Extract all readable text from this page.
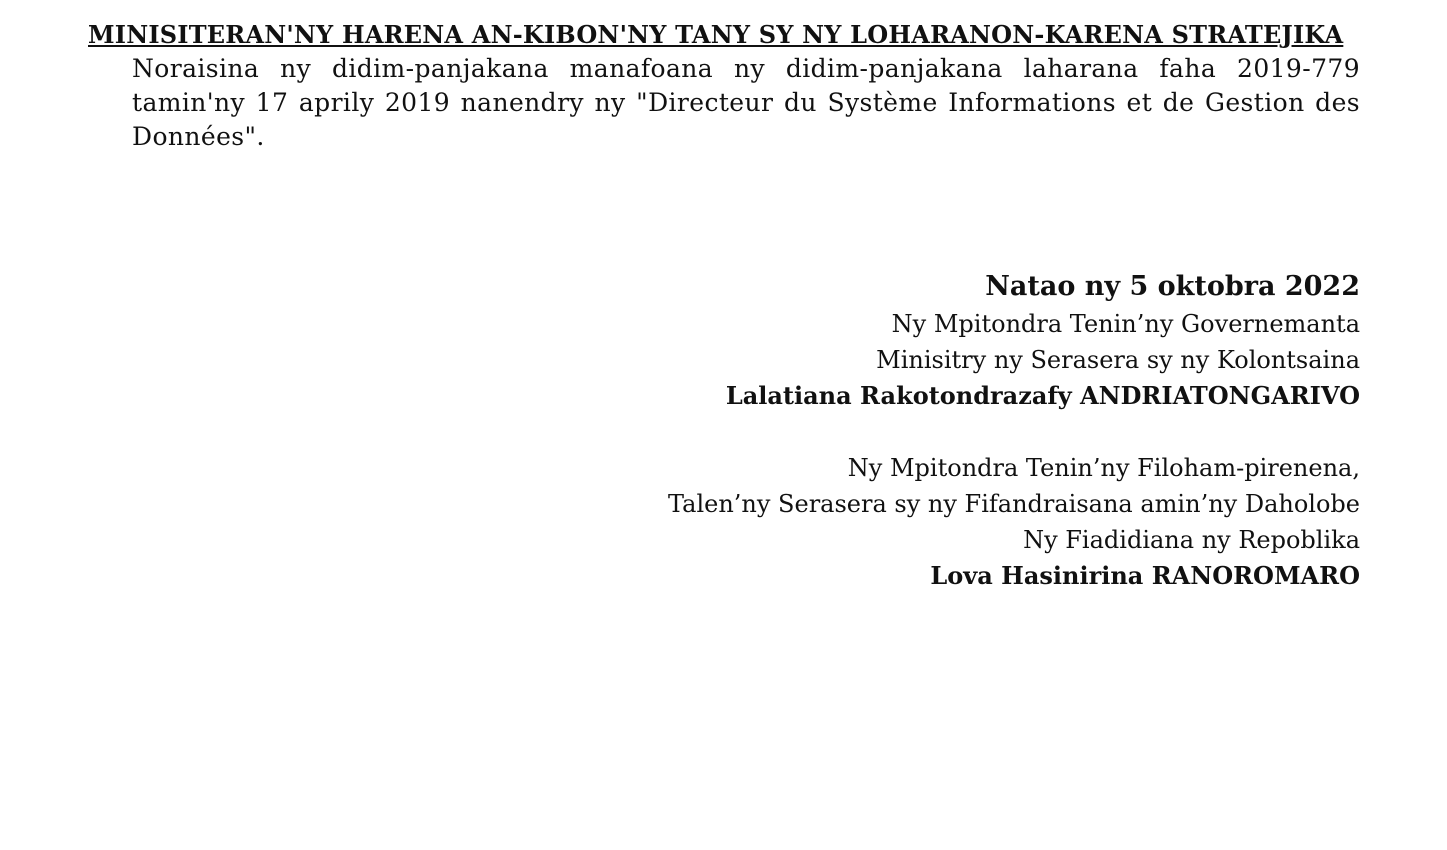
MINISITERAN'NY HARENA AN-KIBON'NY TANY SY NY LOHARANON-KARENA STRATEJIKA

Noraisina ny didim-panjakana manafoana ny didim-panjakana laharana faha 2019-779 tamin'ny 17 aprily 2019 nanendry ny "Directeur du Système Informations et de Gestion des Données".

Natao ny 5 oktobra 2022
Ny Mpitondra Tenin’ny Governemanta
Minisitry ny Serasera sy ny Kolontsaina
Lalatiana Rakotondrazafy ANDRIATONGARIVO
Ny Mpitondra Tenin’ny Filoham-pirenena,
Talen’ny Serasera sy ny Fifandraisana amin’ny Daholobe
Ny Fiadidiana ny Repoblika
Lova Hasinirina RANOROMARO
